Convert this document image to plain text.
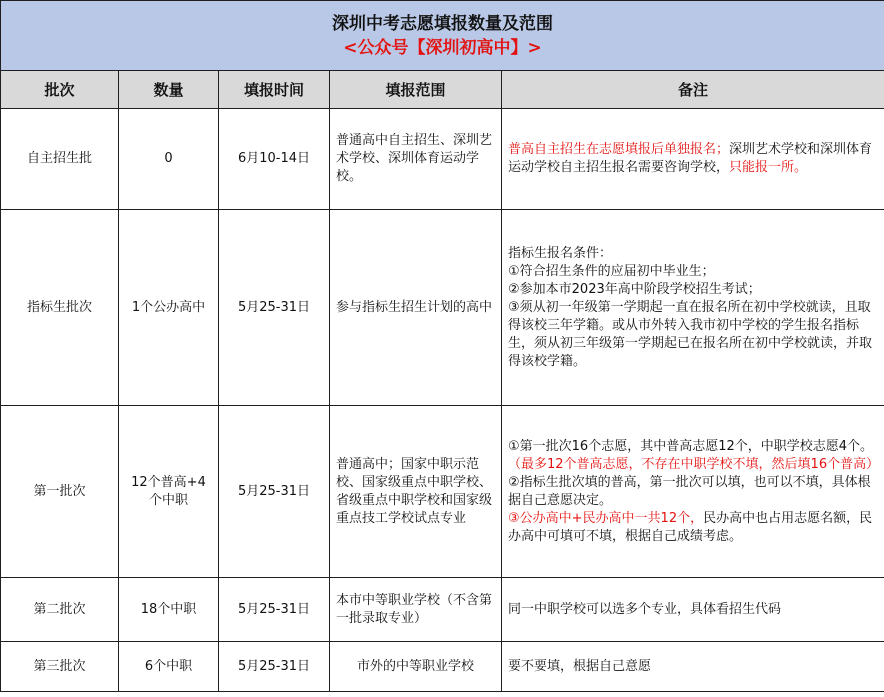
深圳中考志愿填报数量及范围
<公众号【深圳初高中】>				

批次	数量	填报时间	填报范围	备注
自主招生批	0	6月10-14日	普通高中自主招生、深圳艺术学校、深圳体育运动学校。	普高自主招生在志愿填报后单独报名；深圳艺术学校和深圳体育运动学校自主招生报名需要咨询学校，只能报一所。
指标生批次	1个公办高中	5月25-31日	参与指标生招生计划的高中	指标生报名条件：
①符合招生条件的应届初中毕业生；
②参加本市2023年高中阶段学校招生考试；
③须从初一年级第一学期起一直在报名所在初中学校就读，且取得该校三年学籍。或从市外转入我市初中学校的学生报名指标生，须从初三年级第一学期起已在报名所在初中学校就读，并取得该校学籍。

第一批次	12个普高+4个中职	5月25-31日	普通高中；国家中职示范校、国家级重点中职学校、省级重点中职学校和国家级重点技工学校试点专业	①第一批次16个志愿，其中普高志愿12个，中职学校志愿4个。（最多12个普高志愿，不存在中职学校不填，然后填16个普高）
②指标生批次填的普高，第一批次可以填，也可以不填，具体根据自己意愿决定。
③公办高中+民办高中一共12个，民办高中也占用志愿名额，民办高中可填可不填，根据自己成绩考虑。
第二批次	18个中职	5月25-31日	本市中等职业学校（不含第一批录取专业）	同一中职学校可以选多个专业，具体看招生代码
第三批次	6个中职	5月25-31日	市外的中等职业学校	要不要填，根据自己意愿
